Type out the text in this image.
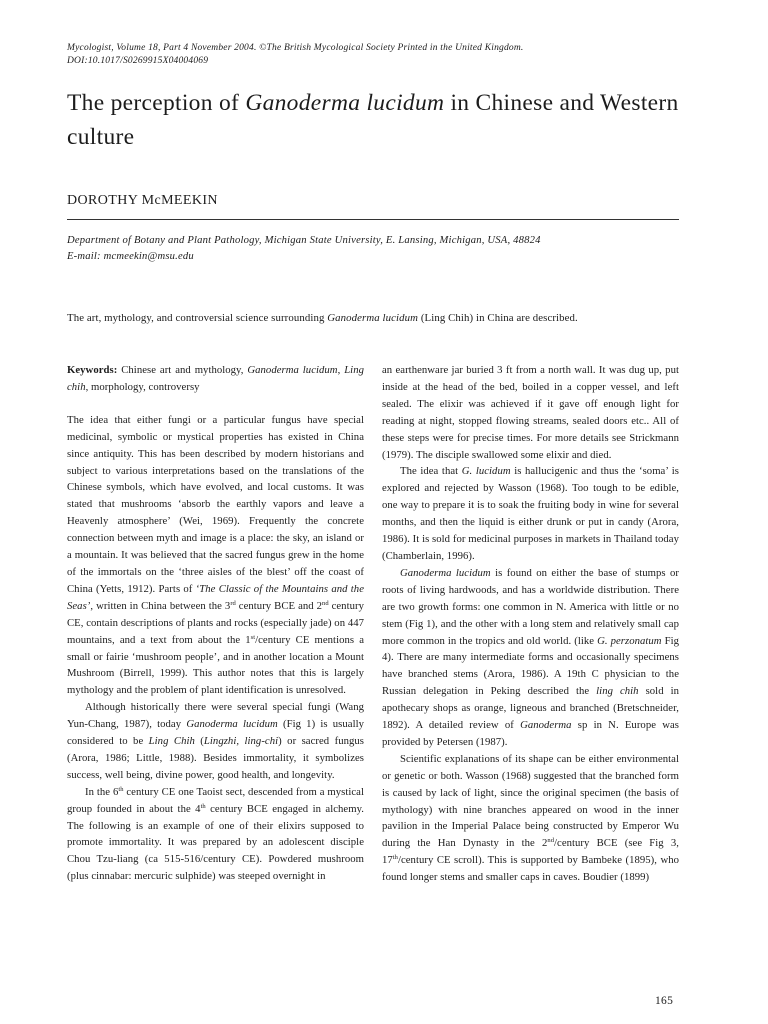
Mycologist, Volume 18, Part 4 November 2004. ©The British Mycological Society Printed in the United Kingdom.
DOI:10.1017/S0269915X04004069
The perception of Ganoderma lucidum in Chinese and Western culture
DOROTHY McMEEKIN
Department of Botany and Plant Pathology, Michigan State University, E. Lansing, Michigan, USA, 48824
E-mail: mcmeekin@msu.edu
The art, mythology, and controversial science surrounding Ganoderma lucidum (Ling Chih) in China are described.

Keywords: Chinese art and mythology, Ganoderma lucidum, Ling chih, morphology, controversy

The idea that either fungi or a particular fungus have special medicinal, symbolic or mystical properties has existed in China since antiquity. This has been described by modern historians and subject to various interpretations based on the translations of the Chinese symbols, which have evolved, and local customs. It was stated that mushrooms ‘absorb the earthly vapors and leave a Heavenly atmosphere’ (Wei, 1969). Frequently the concrete connection between myth and image is a place: the sky, an island or a mountain. It was believed that the sacred fungus grew in the home of the immortals on the ‘three aisles of the blest’ off the coast of China (Yetts, 1912). Parts of ‘The Classic of the Mountains and the Seas’, written in China between the 3rd century BCE and 2nd century CE, contain descriptions of plants and rocks (especially jade) on 447 mountains, and a text from about the 1st/century CE mentions a small or fairie ‘mushroom people’, and in another location a Mount Mushroom (Birrell, 1999). This author notes that this is largely mythology and the problem of plant identification is unresolved.

Although historically there were several special fungi (Wang Yun-Chang, 1987), today Ganoderma lucidum (Fig 1) is usually considered to be Ling Chih (Lingzhi, ling-chi) or sacred fungus (Arora, 1986; Little, 1988). Besides immortality, it symbolizes success, well being, divine power, good health, and longevity.

In the 6th century CE one Taoist sect, descended from a mystical group founded in about the 4th century BCE engaged in alchemy. The following is an example of one of their elixirs supposed to promote immortality. It was prepared by an adolescent disciple Chou Tzu-liang (ca 515-516/century CE). Powdered mushroom (plus cinnabar: mercuric sulphide) was steeped overnight in

an earthenware jar buried 3 ft from a north wall. It was dug up, put inside at the head of the bed, boiled in a copper vessel, and left sealed. The elixir was achieved if it gave off enough light for reading at night, stopped flowing streams, sealed doors etc.. All of these steps were for precise times. For more details see Strickmann (1979). The disciple swallowed some elixir and died.

The idea that G. lucidum is hallucigenic and thus the ‘soma’ is explored and rejected by Wasson (1968). Too tough to be edible, one way to prepare it is to soak the fruiting body in wine for several months, and then the liquid is either drunk or put in candy (Arora, 1986). It is sold for medicinal purposes in markets in Thailand today (Chamberlain, 1996).

Ganoderma lucidum is found on either the base of stumps or roots of living hardwoods, and has a worldwide distribution. There are two growth forms: one common in N. America with little or no stem (Fig 1), and the other with a long stem and relatively small cap more common in the tropics and old world. (like G. perzonatum Fig 4). There are many intermediate forms and occasionally specimens have branched stems (Arora, 1986). A 19th C physician to the Russian delegation in Peking described the ling chih sold in apothecary shops as orange, ligneous and branched (Bretschneider, 1892). A detailed review of Ganoderma sp in N. Europe was provided by Petersen (1987).

Scientific explanations of its shape can be either environmental or genetic or both. Wasson (1968) suggested that the branched form is caused by lack of light, since the original specimen (the basis of mythology) with nine branches appeared on wood in the inner pavilion in the Imperial Palace being constructed by Emperor Wu during the Han Dynasty in the 2nd/century BCE (see Fig 3, 17th/century CE scroll). This is supported by Bambeke (1895), who found longer stems and smaller caps in caves. Boudier (1899)

165
